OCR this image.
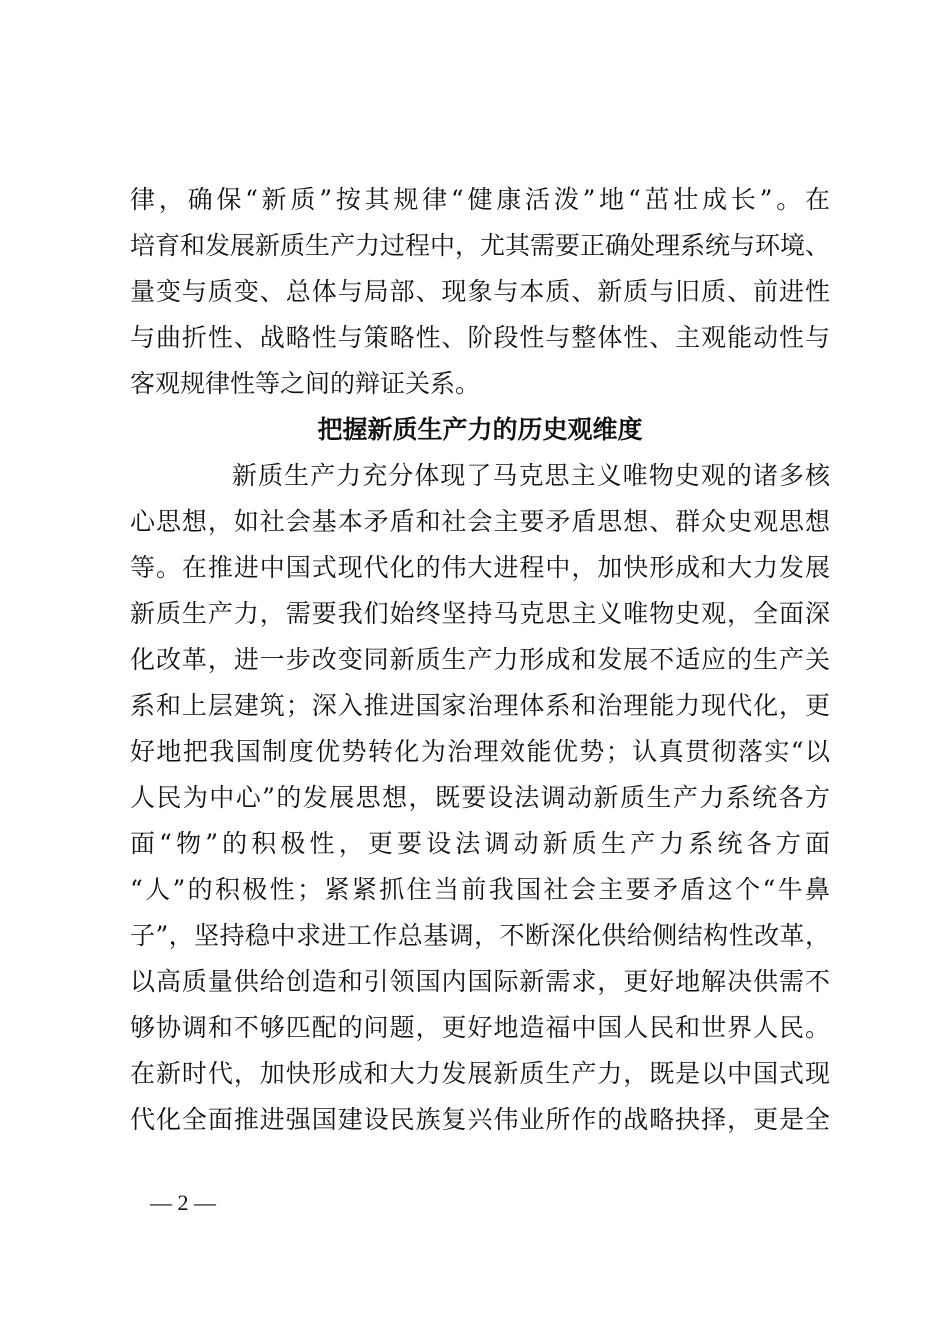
律，确保“新质”按其规律“健康活泼”地“茁壮成长”。在
培育和发展新质生产力过程中，尤其需要正确处理系统与环境、
量变与质变、总体与局部、现象与本质、新质与旧质、前进性
与曲折性、战略性与策略性、阶段性与整体性、主观能动性与
客观规律性等之间的辩证关系。
把握新质生产力的历史观维度
新质生产力充分体现了马克思主义唯物史观的诸多核
心思想，如社会基本矛盾和社会主要矛盾思想、群众史观思想
等。在推进中国式现代化的伟大进程中，加快形成和大力发展
新质生产力，需要我们始终坚持马克思主义唯物史观，全面深
化改革，进一步改变同新质生产力形成和发展不适应的生产关
系和上层建筑；深入推进国家治理体系和治理能力现代化，更
好地把我国制度优势转化为治理效能优势；认真贯彻落实“以
人民为中心”的发展思想，既要设法调动新质生产力系统各方
面“物”的积极性，更要设法调动新质生产力系统各方面
“人”的积极性；紧紧抓住当前我国社会主要矛盾这个“牛鼻
子”，坚持稳中求进工作总基调，不断深化供给侧结构性改革，
以高质量供给创造和引领国内国际新需求，更好地解决供需不
够协调和不够匹配的问题，更好地造福中国人民和世界人民。
在新时代，加快形成和大力发展新质生产力，既是以中国式现
代化全面推进强国建设民族复兴伟业所作的战略抉择，更是全
— 2 —
